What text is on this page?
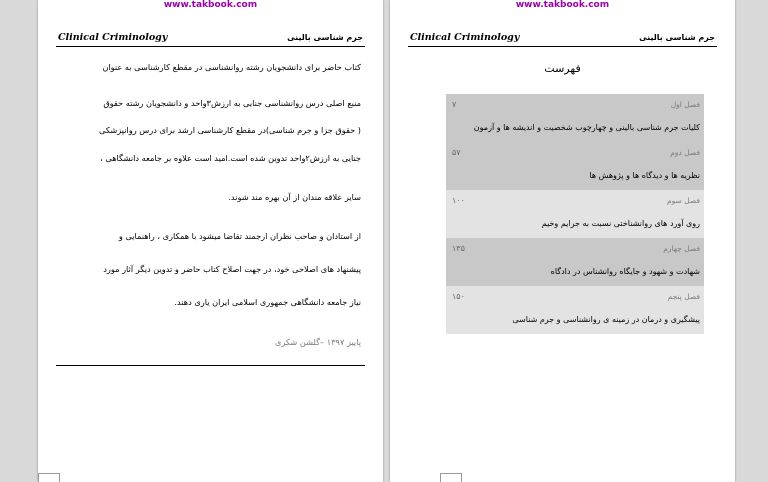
www.takbook.com
Clinical Criminology	جرم شناسی بالینی
کتاب حاضر برای دانشجویان رشته روانشناسی در مقطع کارشناسی به عنوان
منبع اصلی درس روانشناسی جنایی به ارزش۳واحد و دانشجویان رشته حقوق
( حقوق جزا و جرم شناسی)در مقطع کارشناسی ارشد برای درس روانپزشکی
جنایی به ارزش۲واحد تدوین شده است.امید است علاوه بر جامعه دانشگاهی ،
سایر علاقه مندان از آن بهره مند شوند.
از استادان و صاحب نظران ارجمند تقاضا میشود با همکاری ، راهنمایی و
پیشنهاد های اصلاحی خود، در جهت اصلاح کتاب حاضر و تدوین دیگر آثار مورد
نیاز جامعه دانشگاهی جمهوری اسلامی ایران یاری دهند.
پاییز ۱۳۹۷ –گلشن شکری
www.takbook.com
Clinical Criminology	جرم شناسی بالینی
فهرست
فصل اول
کلیات جرم شناسی بالینی و چهارچوب شخصیت و اندیشه ها و آزمون
۷
فصل دوم
نظریه ها و دیدگاه ها و پژوهش ها
۵۷
فصل سوم
روی آورد های روانشناختی نسبت به جرایم وخیم
۱۰۰
فصل چهارم
شهادت و شهود و جایگاه روانشناس در دادگاه
۱۳۵
فصل پنجم
پیشگیری و درمان در زمینه ی روانشناسی و جرم شناسی
۱۵۰
